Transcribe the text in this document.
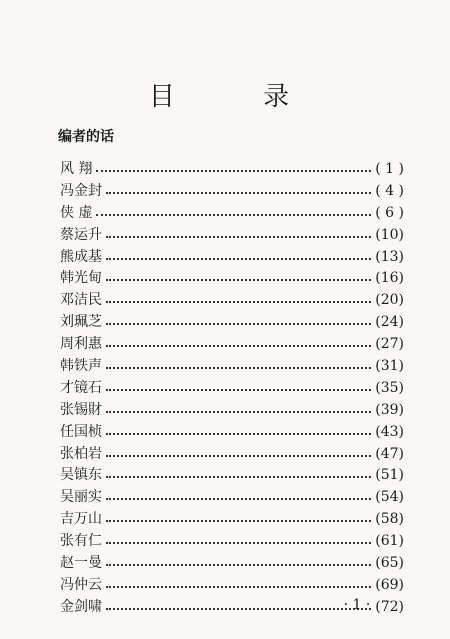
目 录
编者的话
风 翔	( 1 )
冯金封	( 4 )
侠 虚	( 6 )
蔡运升	(10)
熊成基	(13)
韩光甸	(16)
邓洁民	(20)
刘珮芝	(24)
周利惠	(27)
韩铁声	(31)
才镜石	(35)
张锡財	(39)
任国桢	(43)
张柏岩	(47)
吴镇东	(51)
吴丽实	(54)
吉万山	(58)
张有仁	(61)
赵一曼	(65)
冯仲云	(69)
金剑啸	(72)
· 1 ·
